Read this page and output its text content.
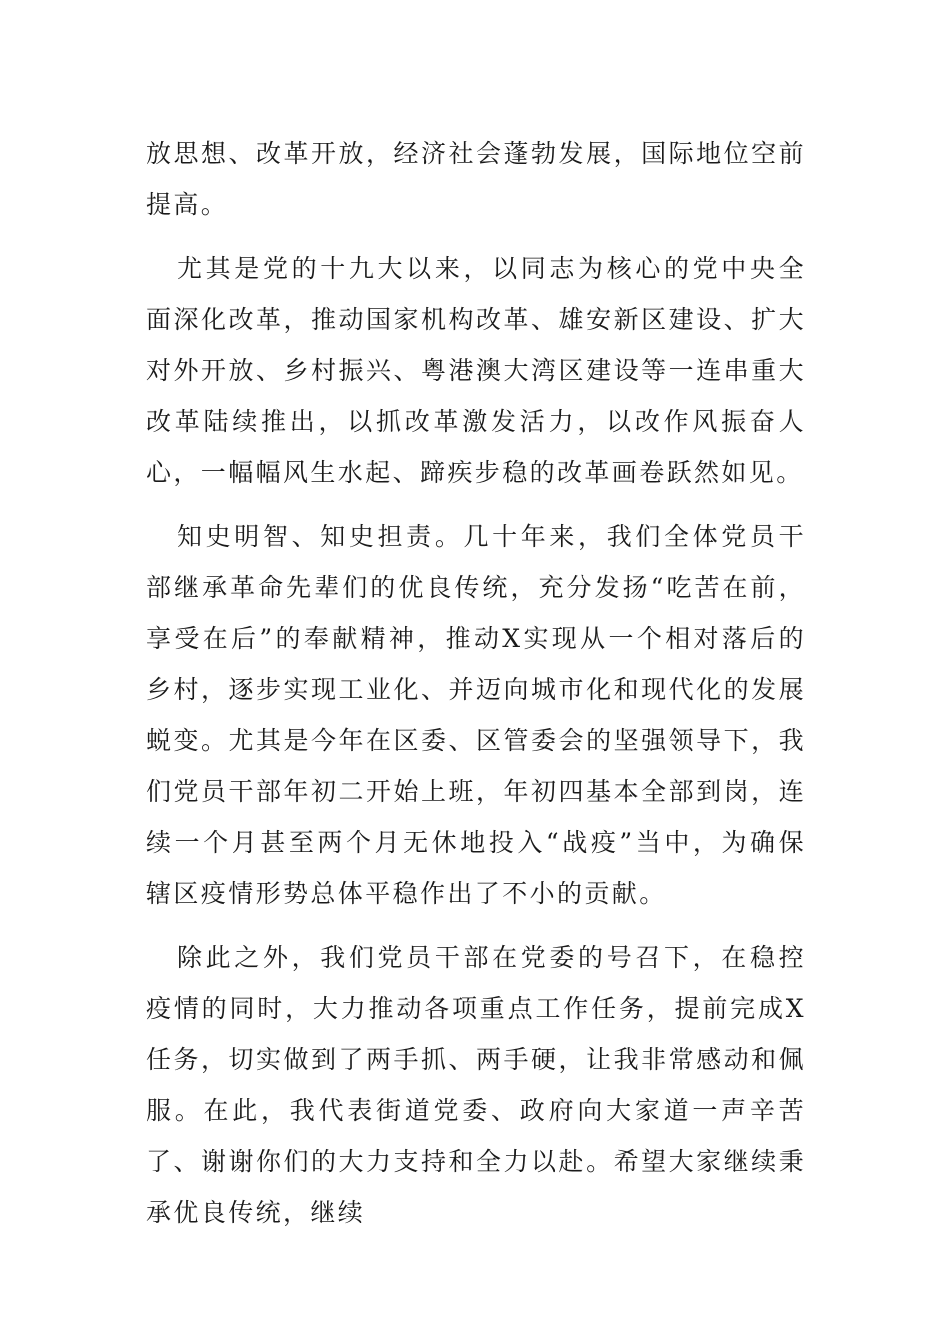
放思想、改革开放，经济社会蓬勃发展，国际地位空前提高。

尤其是党的十九大以来，以同志为核心的党中央全面深化改革，推动国家机构改革、雄安新区建设、扩大对外开放、乡村振兴、粤港澳大湾区建设等一连串重大改革陆续推出，以抓改革激发活力，以改作风振奋人心，一幅幅风生水起、蹄疾步稳的改革画卷跃然如见。

知史明智、知史担责。几十年来，我们全体党员干部继承革命先辈们的优良传统，充分发扬“吃苦在前，享受在后”的奉献精神，推动X实现从一个相对落后的乡村，逐步实现工业化、并迈向城市化和现代化的发展蜕变。尤其是今年在区委、区管委会的坚强领导下，我们党员干部年初二开始上班，年初四基本全部到岗，连续一个月甚至两个月无休地投入“战疫”当中，为确保辖区疫情形势总体平稳作出了不小的贡献。

除此之外，我们党员干部在党委的号召下，在稳控疫情的同时，大力推动各项重点工作任务，提前完成X任务，切实做到了两手抓、两手硬，让我非常感动和佩服。在此，我代表街道党委、政府向大家道一声辛苦了、谢谢你们的大力支持和全力以赴。希望大家继续秉承优良传统，继续
